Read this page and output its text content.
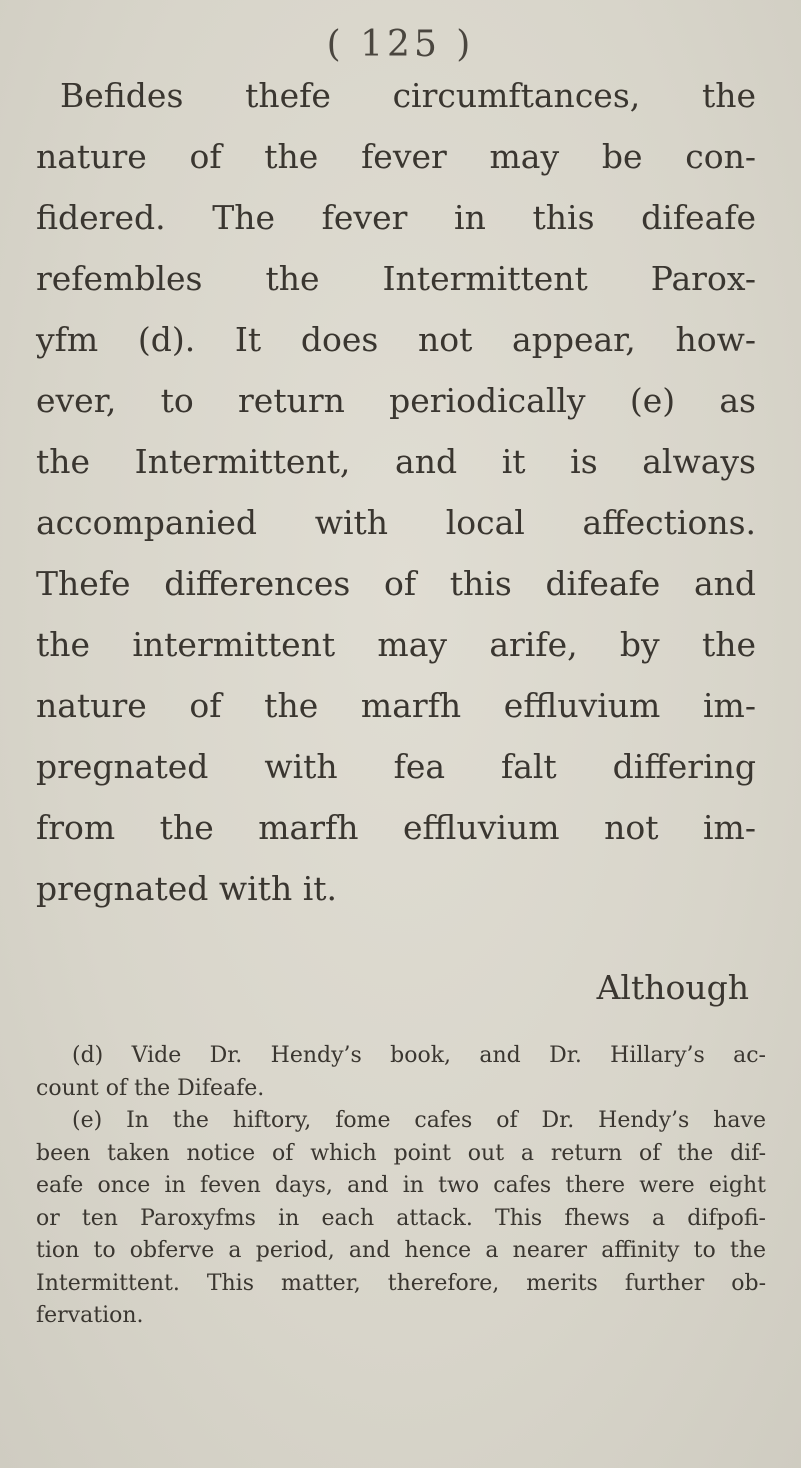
( 125 )
Befides thefe circumftances, the
nature of the fever may be con-
fidered. The fever in this difeafe
refembles the Intermittent Parox-
yfm (d). It does not appear, how-
ever, to return periodically (e) as
the Intermittent, and it is always
accompanied with local affections.
Thefe differences of this difeafe and
the intermittent may arife, by the
nature of the marfh effluvium im-
pregnated with fea falt differing
from the marfh effluvium not im-
pregnated with it.
Although
(d) Vide Dr. Hendy’s book, and Dr. Hillary’s ac-
count of the Difeafe.
(e) In the hiftory, fome cafes of Dr. Hendy’s have
been taken notice of which point out a return of the dif-
eafe once in feven days, and in two cafes there were eight
or ten Paroxyfms in each attack. This fhews a difpofi-
tion to obferve a period, and hence a nearer affinity to the
Intermittent. This matter, therefore, merits further ob-
fervation.
